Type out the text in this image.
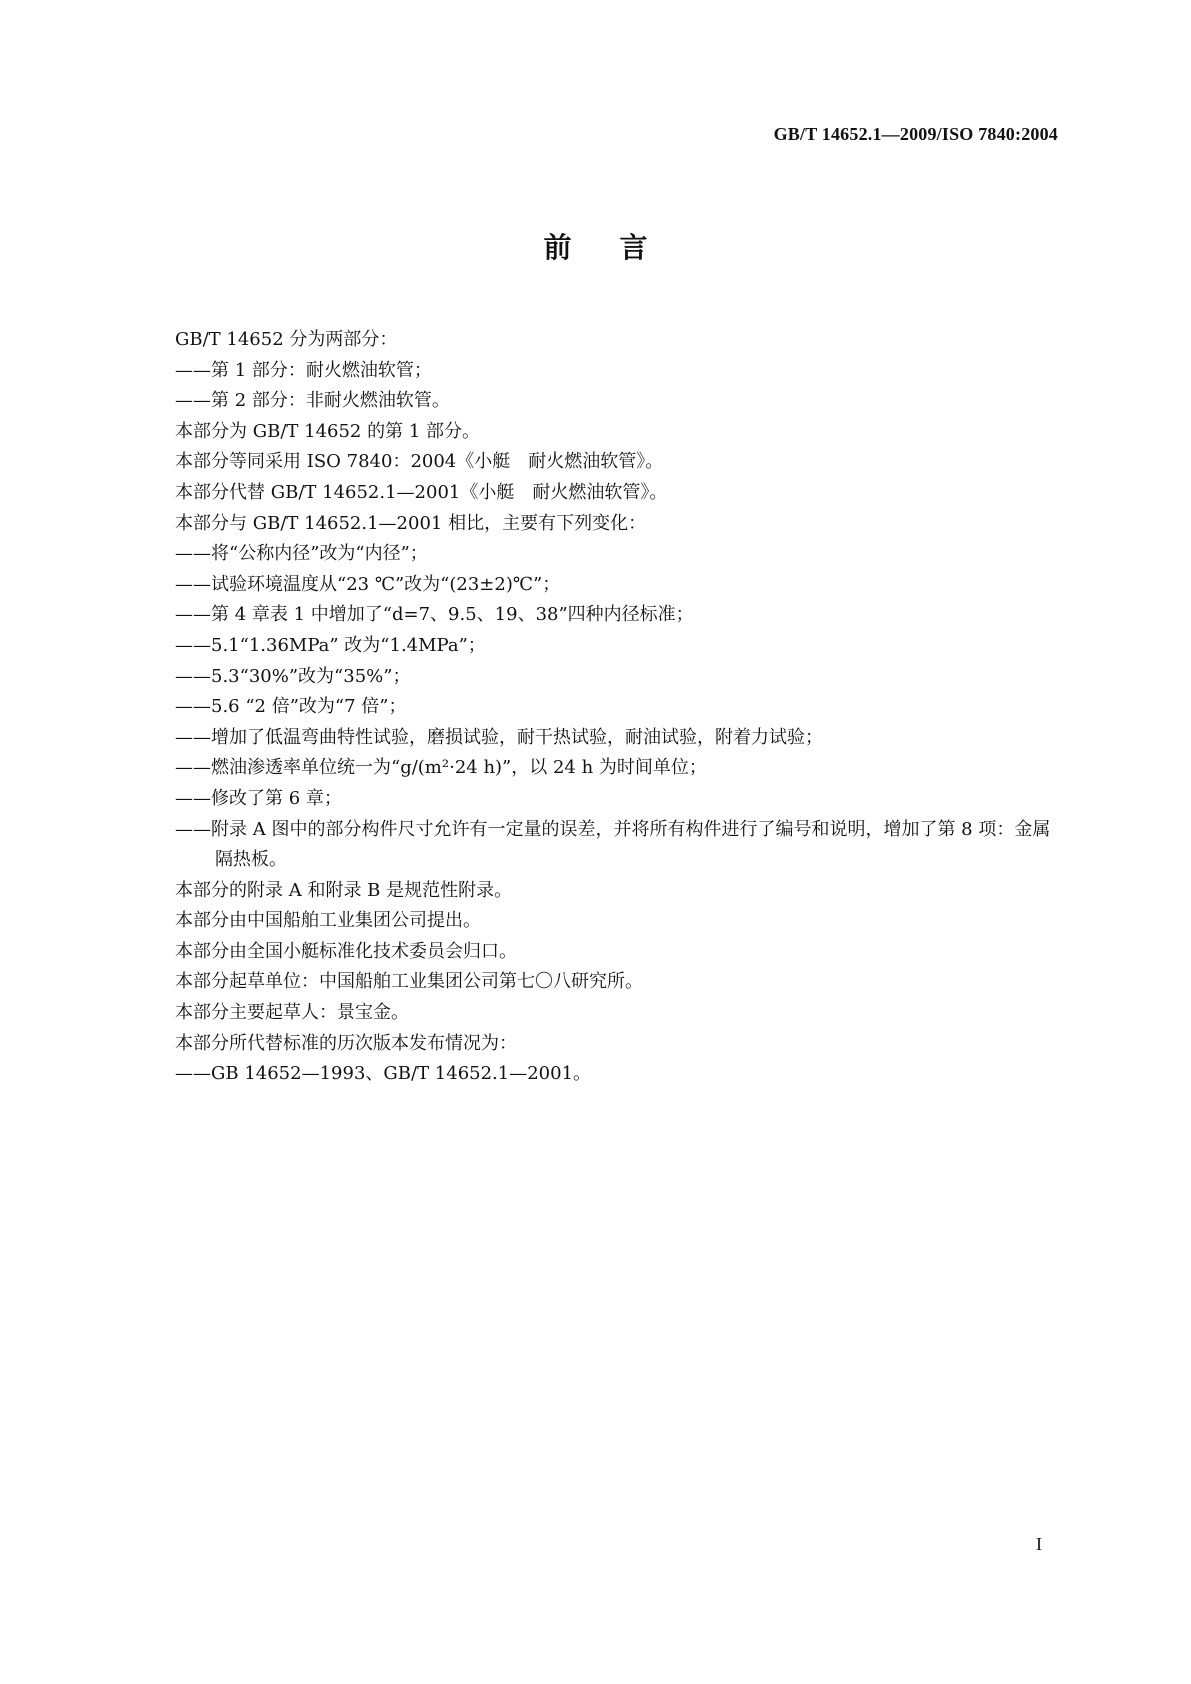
GB/T 14652.1—2009/ISO 7840:2004
前言

GB/T 14652 分为两部分：

——第 1 部分：耐火燃油软管；

——第 2 部分：非耐火燃油软管。

本部分为 GB/T 14652 的第 1 部分。

本部分等同采用 ISO 7840：2004《小艇　耐火燃油软管》。

本部分代替 GB/T 14652.1—2001《小艇　耐火燃油软管》。

本部分与 GB/T 14652.1—2001 相比，主要有下列变化：

——将“公称内径”改为“内径”；

——试验环境温度从“23 ℃”改为“(23±2)℃”；

——第 4 章表 1 中增加了“d=7、9.5、19、38”四种内径标准；

——5.1“1.36MPa” 改为“1.4MPa”；

——5.3“30%”改为“35%”；

——5.6 “2 倍”改为“7 倍”；

——增加了低温弯曲特性试验，磨损试验，耐干热试验，耐油试验，附着力试验；

——燃油渗透率单位统一为“g/(m²·24 h)”，以 24 h 为时间单位；

——修改了第 6 章；

——附录 A 图中的部分构件尺寸允许有一定量的误差，并将所有构件进行了编号和说明，增加了第 8 项：金属隔热板。

本部分的附录 A 和附录 B 是规范性附录。

本部分由中国船舶工业集团公司提出。

本部分由全国小艇标准化技术委员会归口。

本部分起草单位：中国船舶工业集团公司第七〇八研究所。

本部分主要起草人：景宝金。

本部分所代替标准的历次版本发布情况为：

——GB 14652—1993、GB/T 14652.1—2001。

I
